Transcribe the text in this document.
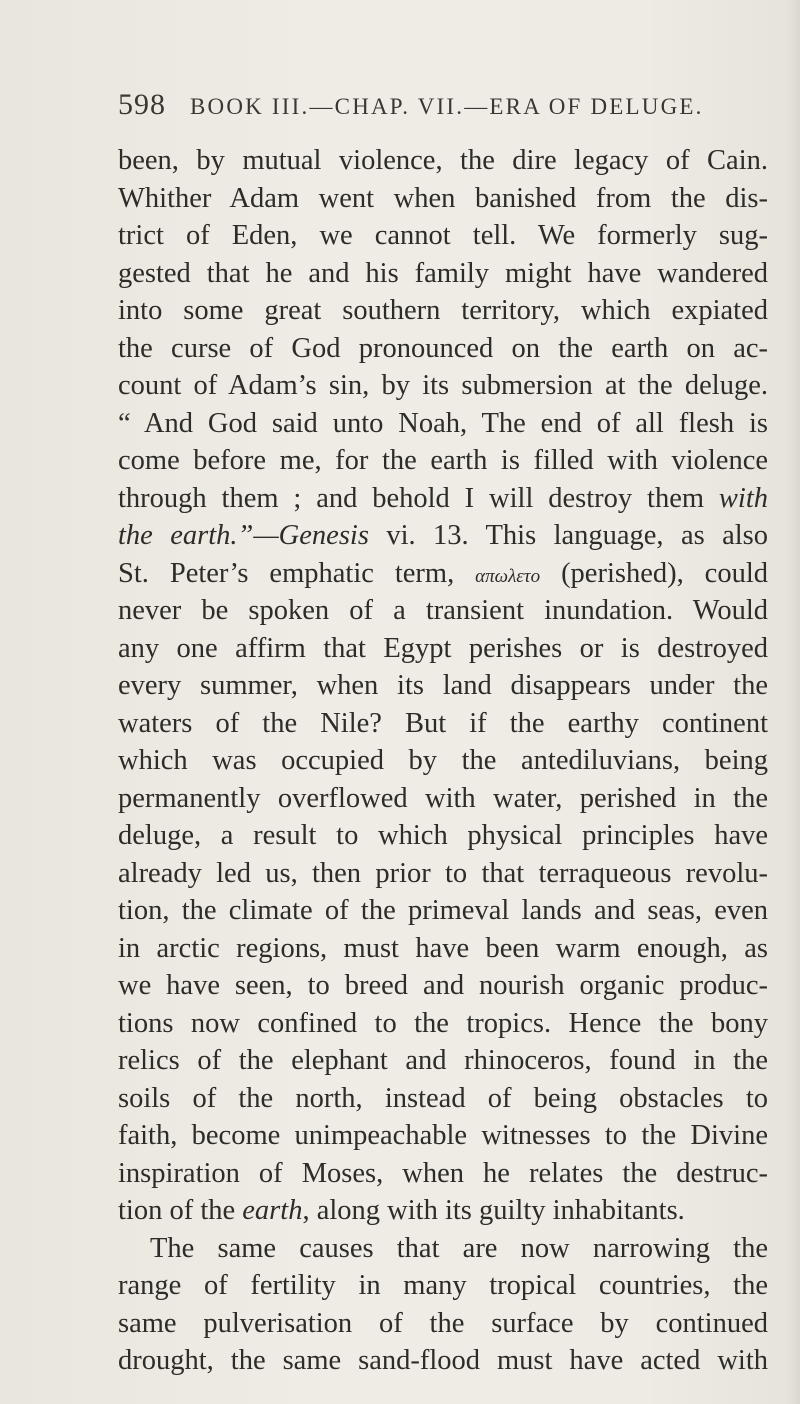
598 BOOK III.—CHAP. VII.—ERA OF DELUGE.
been, by mutual violence, the dire legacy of Cain.
Whither Adam went when banished from the dis-
trict of Eden, we cannot tell. We formerly sug-
gested that he and his family might have wandered
into some great southern territory, which expiated
the curse of God pronounced on the earth on ac-
count of Adam’s sin, by its submersion at the deluge.
“ And God said unto Noah, The end of all flesh is
come before me, for the earth is filled with violence
through them ; and behold I will destroy them with
the earth.”—Genesis vi. 13. This language, as also
St. Peter’s emphatic term, απωλετο (perished), could
never be spoken of a transient inundation. Would
any one affirm that Egypt perishes or is destroyed
every summer, when its land disappears under the
waters of the Nile? But if the earthy continent
which was occupied by the antediluvians, being
permanently overflowed with water, perished in the
deluge, a result to which physical principles have
already led us, then prior to that terraqueous revolu-
tion, the climate of the primeval lands and seas, even
in arctic regions, must have been warm enough, as
we have seen, to breed and nourish organic produc-
tions now confined to the tropics. Hence the bony
relics of the elephant and rhinoceros, found in the
soils of the north, instead of being obstacles to
faith, become unimpeachable witnesses to the Divine
inspiration of Moses, when he relates the destruc-
tion of the earth, along with its guilty inhabitants.
The same causes that are now narrowing the
range of fertility in many tropical countries, the
same pulverisation of the surface by continued
drought, the same sand-flood must have acted with
